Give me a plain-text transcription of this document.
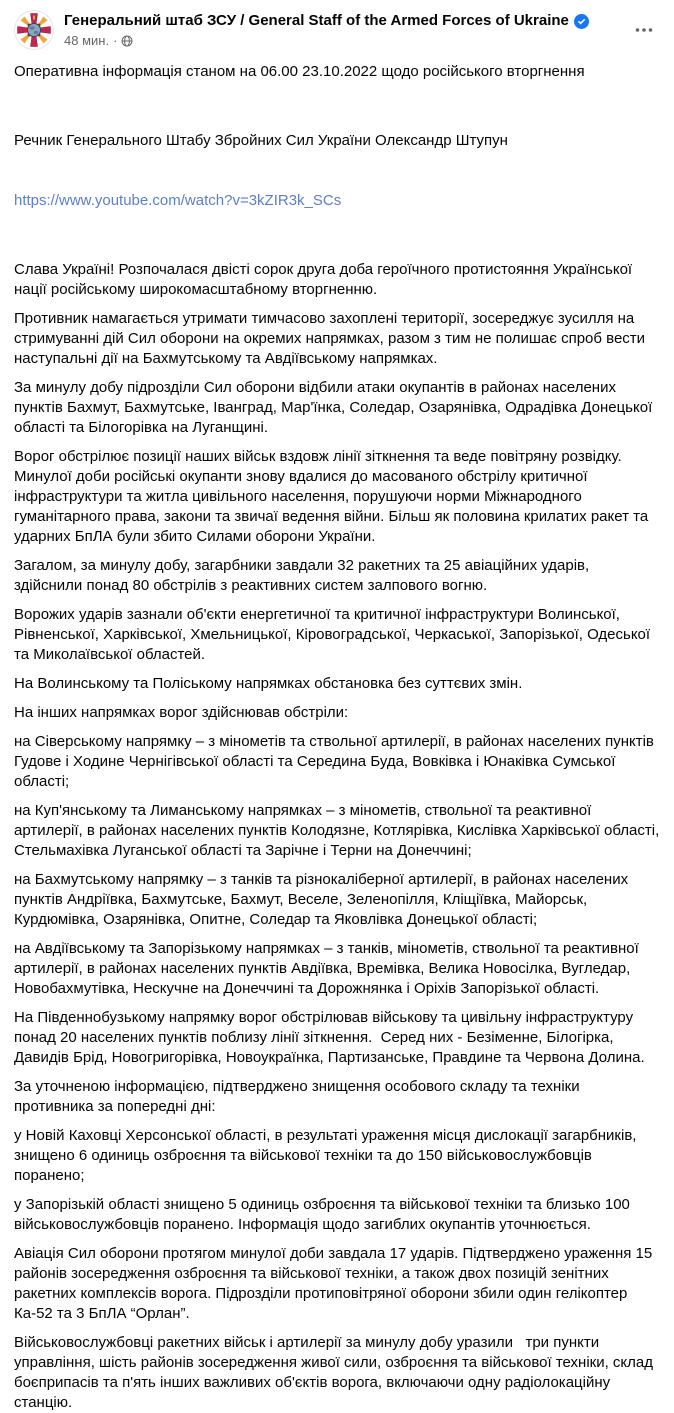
Генеральний штаб ЗСУ / General Staff of the Armed Forces of Ukraine
48 мин. ·

Оперативна інформація станом на 06.00 23.10.2022 щодо російського вторгнення

Речник Генерального Штабу Збройних Сил України Олександр Штупун

https://www.youtube.com/watch?v=3kZIR3k_SCs

Слава Україні! Розпочалася двісті сорок друга доба героїчного протистояння Української нації російському широкомасштабному вторгненню.

Противник намагається утримати тимчасово захоплені території, зосереджує зусилля на стримуванні дій Сил оборони на окремих напрямках, разом з тим не полишає спроб вести наступальні дії на Бахмутському та Авдіївському напрямках.

За минулу добу підрозділи Сил оборони відбили атаки окупантів в районах населених пунктів Бахмут, Бахмутське, Іванград, Мар'їнка, Соледар, Озарянівка, Одрадівка Донецької області та Білогорівка на Луганщині.

Ворог обстрілює позиції наших військ вздовж лінії зіткнення та веде повітряну розвідку. Минулої доби російські окупанти знову вдалися до масованого обстрілу критичної інфраструктури та житла цивільного населення, порушуючи норми Міжнародного гуманітарного права, закони та звичаї ведення війни. Більш як половина крилатих ракет та ударних БпЛА були збито Силами оборони України.

Загалом, за минулу добу, загарбники завдали 32 ракетних та 25 авіаційних ударів, здійснили понад 80 обстрілів з реактивних систем залпового вогню.

Ворожих ударів зазнали об'єкти енергетичної та критичної інфраструктури Волинської, Рівненської, Харківської, Хмельницької, Кіровоградської, Черкаської, Запорізької, Одеської та Миколаївської областей.

На Волинському та Поліському напрямках обстановка без суттєвих змін.

На інших напрямках ворог здійснював обстріли:

на Сіверському напрямку – з мінометів та ствольної артилерії, в районах населених пунктів Гудове і Ходине Чернігівської області та Середина Буда, Вовківка і Юнаківка Сумської області;

на Куп'янському та Лиманському напрямках – з мінометів, ствольної та реактивної артилерії, в районах населених пунктів Колодязне, Котлярівка, Кислівка Харківської області, Стельмахівка Луганської області та Зарічне і Терни на Донеччині;

на Бахмутському напрямку – з танків та різнокаліберної артилерії, в районах населених пунктів Андріївка, Бахмутське, Бахмут, Веселе, Зеленопілля, Кліщіївка, Майорськ, Курдюмівка, Озарянівка, Опитне, Соледар та Яковлівка Донецької області;

на Авдіївському та Запорізькому напрямках – з танків, мінометів, ствольної та реактивної артилерії, в районах населених пунктів Авдіївка, Времівка, Велика Новосілка, Вугледар, Новобахмутівка, Нескучне на Донеччині та Дорожнянка і Оріхів Запорізької області.

На Південнобузькому напрямку ворог обстрілював військову та цивільну інфраструктуру понад 20 населених пунктів поблизу лінії зіткнення.  Серед них - Безіменне, Білогірка, Давидів Брід, Новогригорівка, Новоукраїнка, Партизанське, Правдине та Червона Долина.

За уточненою інформацією, підтверджено знищення особового складу та техніки противника за попередні дні:

у Новій Каховці Херсонської області, в результаті ураження місця дислокації загарбників, знищено 6 одиниць озброєння та військової техніки та до 150 військовослужбовців поранено;

у Запорізькій області знищено 5 одиниць озброєння та військової техніки та близько 100 військовослужбовців поранено. Інформація щодо загиблих окупантів уточнюється.

Авіація Сил оборони протягом минулої доби завдала 17 ударів. Підтверджено ураження 15 районів зосередження озброєння та військової техніки, а також двох позицій зенітних ракетних комплексів ворога. Підрозділи протиповітряної оборони збили один гелікоптер Ка-52 та 3 БпЛА “Орлан”.

Військовослужбовці ракетних військ і артилерії за минулу добу уразили   три пункти управління, шість районів зосередження живої сили, озброєння та військової техніки, склад боєприпасів та п'ять інших важливих об'єктів ворога, включаючи одну радіолокаційну станцію.
